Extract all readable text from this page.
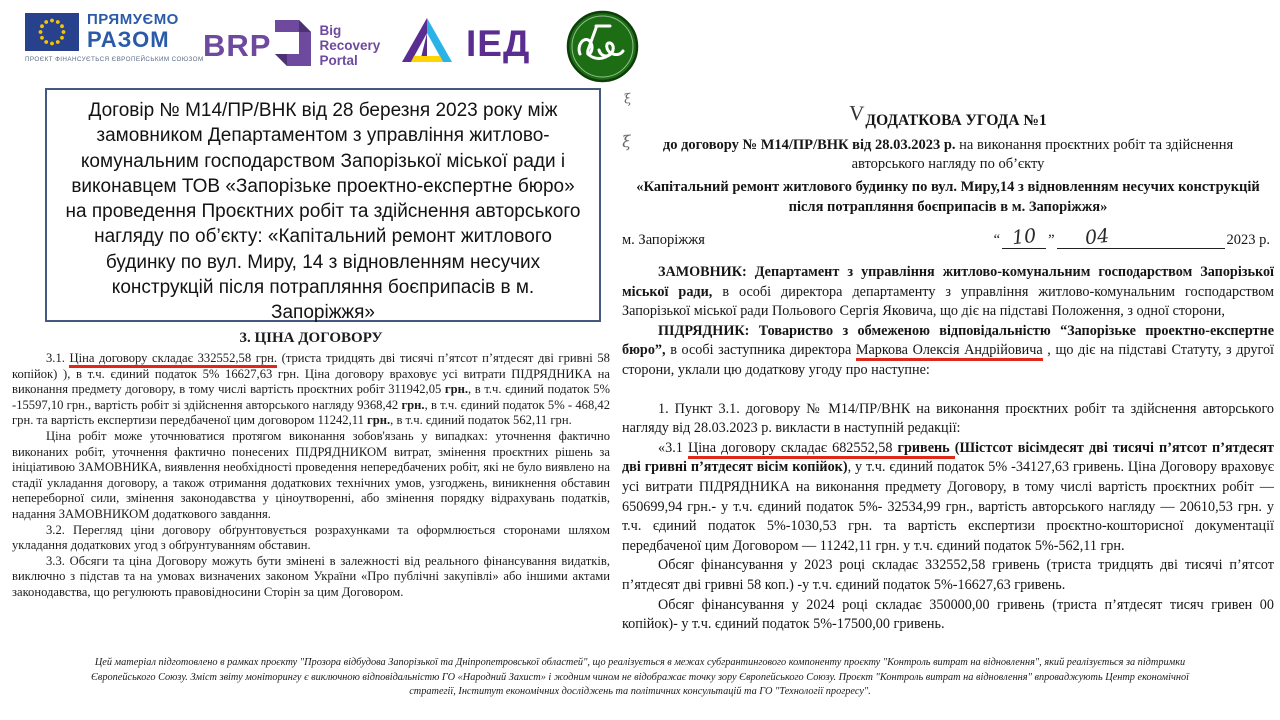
ПРЯМУЄМО
РАЗОМ
ПРОЄКТ ФІНАНСУЄТЬСЯ ЄВРОПЕЙСЬКИМ СОЮЗОМ BRP	Big
Recovery
Portal	ІЕД
Договір № М14/ПР/ВНК від 28 березня 2023 року між замовником Департаментом з управління житлово-комунальним господарством Запорізької міської ради і виконавцем ТОВ «Запорізьке проектно-експертне бюро» на проведення Проєктних робіт та здійснення авторського нагляду по об’єкту: «Капітальний ремонт житлового будинку по вул. Миру, 14 з відновленням несучих конструкцій після потрапляння боєприпасів в м. Запоріжжя»
3. ЦІНА ДОГОВОРУ

3.1. Ціна договору складає 332552,58 грн. (триста тридцять дві тисячі п’ятсот п’ятдесят дві гривні 58 копійок) ), в т.ч. єдиний податок 5% 16627,63 грн. Ціна договору враховує усі витрати ПІДРЯДНИКА на виконання предмету договору, в тому числі вартість проєктних робіт 311942,05 грн., в т.ч. єдиний податок 5% -15597,10 грн., вартість робіт зі здійснення авторського нагляду 9368,42 грн., в т.ч. єдиний податок 5% - 468,42 грн. та вартість експертизи передбаченої цим договором 11242,11 грн., в т.ч. єдиний податок 562,11 грн.

Ціна робіт може уточнюватися протягом виконання зобов'язань у випадках: уточнення фактично виконаних робіт, уточнення фактично понесених ПІДРЯДНИКОМ витрат, змінення проєктних рішень за ініціативою ЗАМОВНИКА, виявлення необхідності проведення непередбачених робіт, які не було виявлено на стадії укладання договору, а також отримання додаткових технічних умов, узгоджень, виникнення обставин непереборної сили, змінення законодавства у ціноутворенні, або змінення порядку відрахувань податків, надання ЗАМОВНИКОМ додаткового завдання.

3.2. Перегляд ціни договору обґрунтовується розрахунками та оформлюється сторонами шляхом укладання додаткових угод з обґрунтуванням обставин.

3.3. Обсяги та ціна Договору можуть бути змінені в залежності від реального фінансування видатків, виключно з підстав та на умовах визначених законом України «Про публічні закупівлі» або іншими актами законодавства, що регулюють правовідносини Сторін за цим Договором.

ξ
ξ
VДОДАТКОВА УГОДА №1
до договору № М14/ПР/ВНК від 28.03.2023 р. на виконання проєктних робіт та здійснення
авторського нагляду по об’єкту
«Капітальний ремонт житлового будинку по вул. Миру,14 з відновленням несучих конструкцій після потрапляння боєприпасів в м. Запоріжжя»
м. Запоріжжя	“ 10 ”	04	2023 р.

ЗАМОВНИК: Департамент з управління житлово-комунальним господарством Запорізької міської ради, в особі директора департаменту з управління житлово-комунальним господарством Запорізької міської ради Польового Сергія Яковича, що діє на підставі Положення, з одної сторони,

ПІДРЯДНИК: Товариство з обмеженою відповідальністю “Запорізьке проектно-експертне бюро”, в особі заступника директора Маркова Олексія Андрійовича , що діє на підставі Статуту, з другої сторони, уклали цю додаткову угоду про наступне:

1. Пункт 3.1. договору № М14/ПР/ВНК на виконання проєктних робіт та здійснення авторського нагляду від 28.03.2023 р. викласти в наступній редакції:

«3.1 Ціна договору складає 682552,58 гривень (Шістсот вісімдесят дві тисячі п’ятсот п’ятдесят дві гривні п’ятдесят вісім копійок), у т.ч. єдиний податок 5% -34127,63 гривень. Ціна Договору враховує усі витрати ПІДРЯДНИКА на виконання предмету Договору, в тому числі вартість проєктних робіт — 650699,94 грн.- у т.ч. єдиний податок 5%- 32534,99 грн., вартість авторського нагляду — 20610,53 грн. у т.ч. єдиний податок 5%-1030,53 грн. та вартість експертизи проєктно-кошторисної документації передбаченої цим Договором — 11242,11 грн. у т.ч. єдиний податок 5%-562,11 грн.

Обсяг фінансування у 2023 році складає 332552,58 гривень (триста тридцять дві тисячі п’ятсот п’ятдесят дві гривні 58 коп.) -у т.ч. єдиний податок 5%-16627,63 гривень.

Обсяг фінансування у 2024 році складає 350000,00 гривень (триста п’ятдесят тисяч гривен 00 копійок)- у т.ч. єдиний податок 5%-17500,00 гривень.

Цей матеріал підготовлено в рамках проєкту "Прозора відбудова Запорізької та Дніпропетровської областей", що реалізується в межах субгрантингового компоненту проєкту "Контроль витрат на відновлення", який реалізується за підтримки
Європейського Союзу. Зміст звіту моніторингу є виключною відповідальністю ГО «Народний Захист» і жодним чином не відображає точку зору Європейського Союзу. Проєкт "Контроль витрат на відновлення" впроваджують Центр економічної
стратегії, Інститут економічних досліджень та політичних консультацій та ГО "Технології прогресу".
